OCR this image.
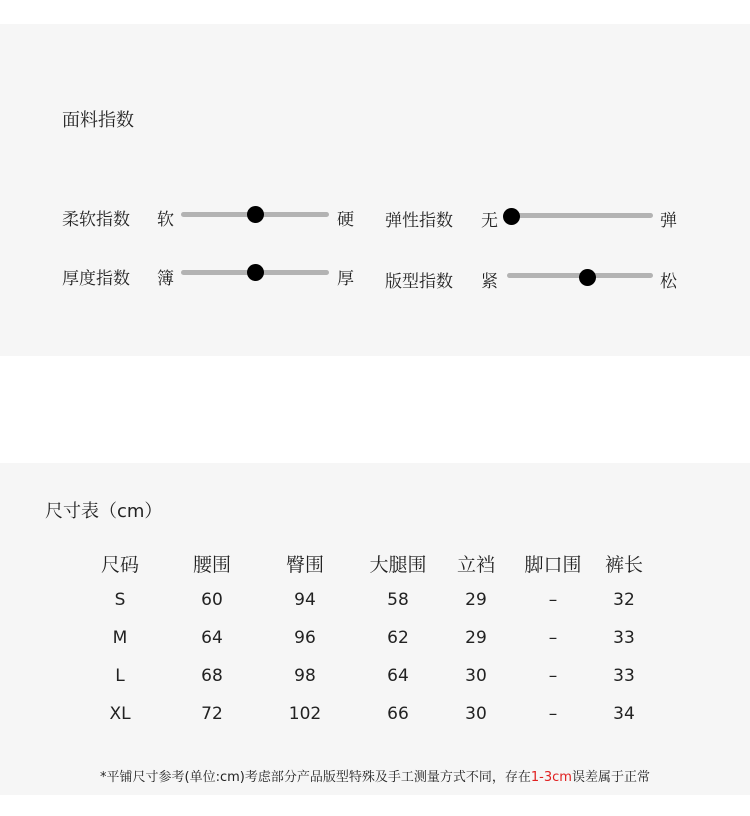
面料指数
柔软指数 软	硬 弹性指数 无	弹
厚度指数 簿	厚 版型指数 紧	松
尺寸表（cm）
尺码	腰围	臀围	大腿围	立裆	脚口围	裤长
S	60	94	58	29	–	32
M	64	96	62	29	–	33
L	68	98	64	30	–	33
XL	72	102	66	30	–	34
*平铺尺寸参考(单位:cm)考虑部分产品版型特殊及手工测量方式不同，存在1-3cm误差属于正常
